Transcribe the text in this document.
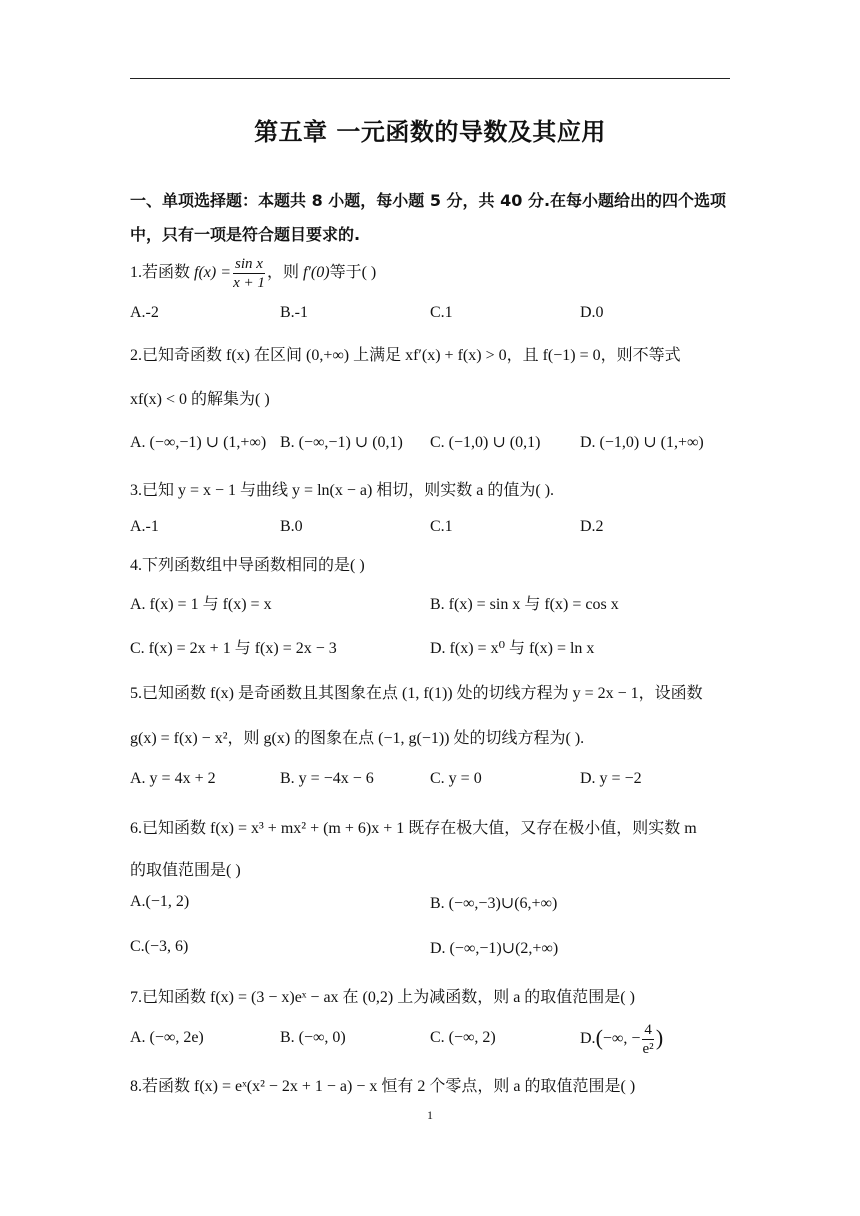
第五章 一元函数的导数及其应用
一、单项选择题：本题共 8 小题，每小题 5 分，共 40 分.在每小题给出的四个选项中，只有一项是符合题目要求的.
1.若函数 $f(x) = \frac{\text{sin x}}{x + 1}$ ，则 f′(0)等于( )
A.-2	B.-1	C.1	D.0
2.已知奇函数 f(x) 在区间 (0,+∞) 上满足 xf′(x) + f(x) > 0，且 f(−1) = 0，则不等式
xf(x) < 0 的解集为( )
A. (−∞,−1) ∪ (1,+∞) B. (−∞,−1) ∪ (0,1) C. (−1,0) ∪ (0,1) D. (−1,0) ∪ (1,+∞)
3.已知 y = x − 1 与曲线 y = ln(x − a) 相切，则实数 a 的值为( ).
A.-1	B.0	C.1	D.2
4.下列函数组中导函数相同的是( )
A. f(x) = 1 与 f(x) = x	B. f(x) = sin x 与 f(x) = cos x
C. f(x) = 2x + 1 与 f(x) = 2x − 3	D. f(x) = x⁰ 与 f(x) = ln x
5.已知函数 f(x) 是奇函数且其图象在点 (1, f(1)) 处的切线方程为 y = 2x − 1，设函数
g(x) = f(x) − x²，则 g(x) 的图象在点 (−1, g(−1)) 处的切线方程为( ).
A. y = 4x + 2	B. y = −4x − 6	C. y = 0	D. y = −2
6.已知函数 f(x) = x³ + mx² + (m + 6)x + 1 既存在极大值，又存在极小值，则实数 m
的取值范围是( )
A.(−1, 2)	B. (−∞,−3)∪(6,+∞)
C.(−3, 6)	D. (−∞,−1)∪(2,+∞)
7.已知函数 f(x) = (3 − x)eˣ − ax 在 (0,2) 上为减函数，则 a 的取值范围是( )
A. (−∞, 2e)	B. (−∞, 0)	C. (−∞, 2)	D.(−∞, − $\frac{4}{\text{e²}}$ )
8.若函数 f(x) = eˣ(x² − 2x + 1 − a) − x 恒有 2 个零点，则 a 的取值范围是( )
1
